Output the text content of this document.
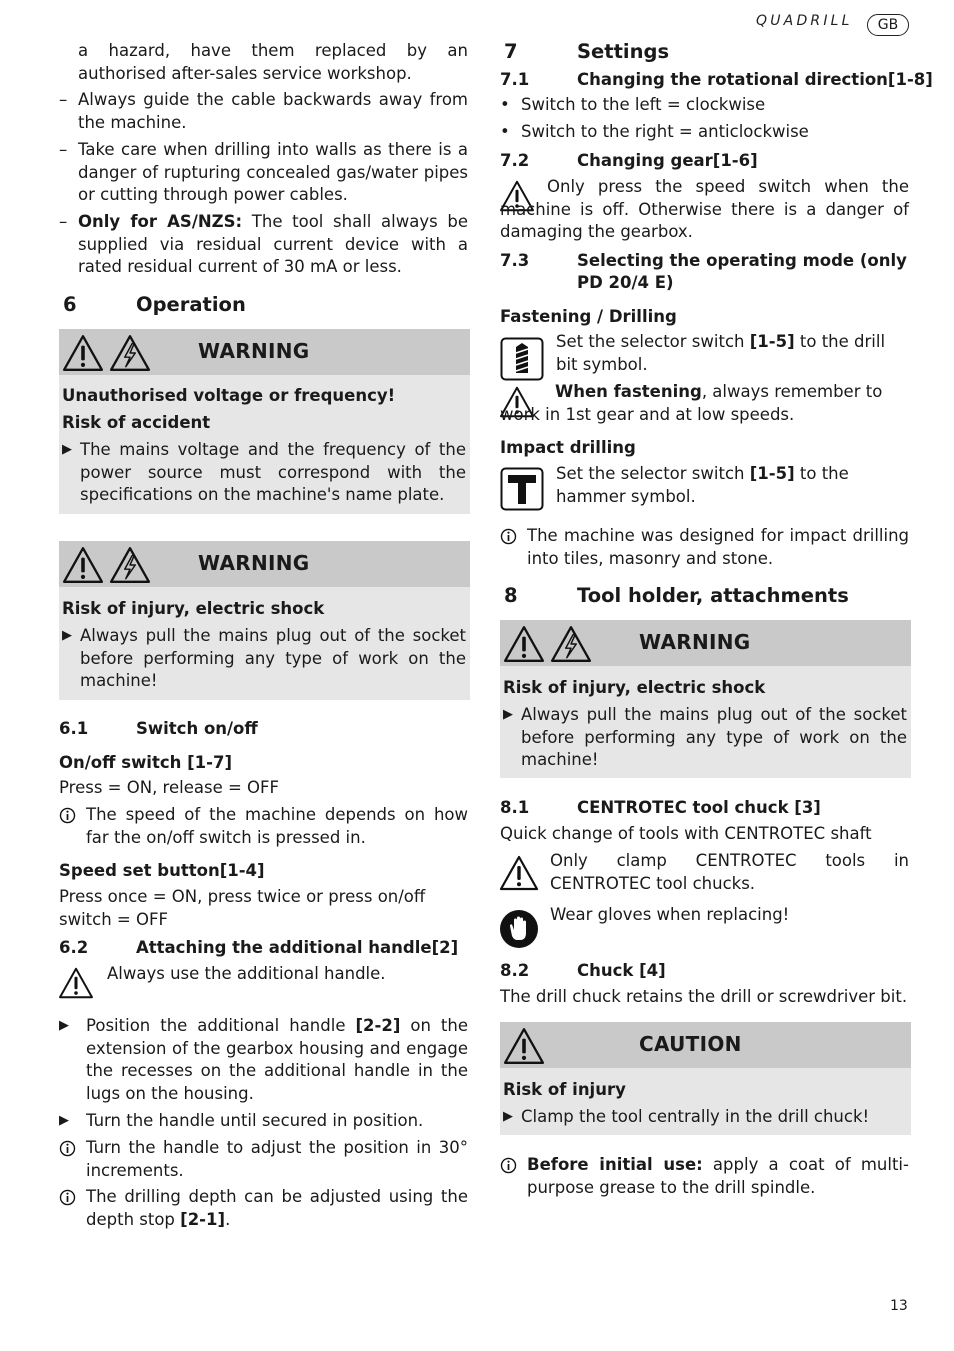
QUADRILL	GB
a hazard, have them replaced by an authorised after-sales service workshop.
– Always guide the cable backwards away from the machine.
– Take care when drilling into walls as there is a danger of rupturing concealed gas/water pipes or cutting through power cables.
– Only for AS/NZS: The tool shall always be supplied via residual current device with a rated residual current of 30 mA or less.
6	Operation
WARNING
Unauthorised voltage or frequency!
Risk of accident
▶ The mains voltage and the frequency of the power source must correspond with the specifications on the machine's name plate.
WARNING
Risk of injury, electric shock
▶ Always pull the mains plug out of the socket before performing any type of work on the machine!
6.1	Switch on/off
On/off switch [1-7]
Press = ON, release = OFF
The speed of the machine depends on how far the on/off switch is pressed in.
Speed set button[1-4]
Press once = ON, press twice or press on/off switch = OFF
6.2	Attaching the additional handle[2]
Always use the additional handle.
▶ Position the additional handle [2-2] on the extension of the gearbox housing and engage the recesses on the additional handle in the lugs on the housing.
▶ Turn the handle until secured in position.
Turn the handle to adjust the position in 30° increments.
The drilling depth can be adjusted using the depth stop [2-1].
7	Settings
7.1	Changing the rotational direction[1-8]
• Switch to the left = clockwise
• Switch to the right = anticlockwise
7.2	Changing gear[1-6]
Only press the speed switch when the machine is off. Otherwise there is a danger of damaging the gearbox.
7.3	Selecting the operating mode (only PD 20/4 E)
Fastening / Drilling
Set the selector switch [1-5] to the drill bit symbol.
When fastening, always remember to work in 1st gear and at low speeds.
Impact drilling
Set the selector switch [1-5] to the hammer symbol.
The machine was designed for impact drilling into tiles, masonry and stone.
8	Tool holder, attachments
WARNING
Risk of injury, electric shock
▶ Always pull the mains plug out of the socket before performing any type of work on the machine!
8.1	CENTROTEC tool chuck [3]
Quick change of tools with CENTROTEC shaft
Only clamp CENTROTEC tools in CENTROTEC tool chucks.
Wear gloves when replacing!
8.2	Chuck [4]
The drill chuck retains the drill or screwdriver bit.
CAUTION
Risk of injury
▶ Clamp the tool centrally in the drill chuck!
Before initial use: apply a coat of multi-purpose grease to the drill spindle.
13
